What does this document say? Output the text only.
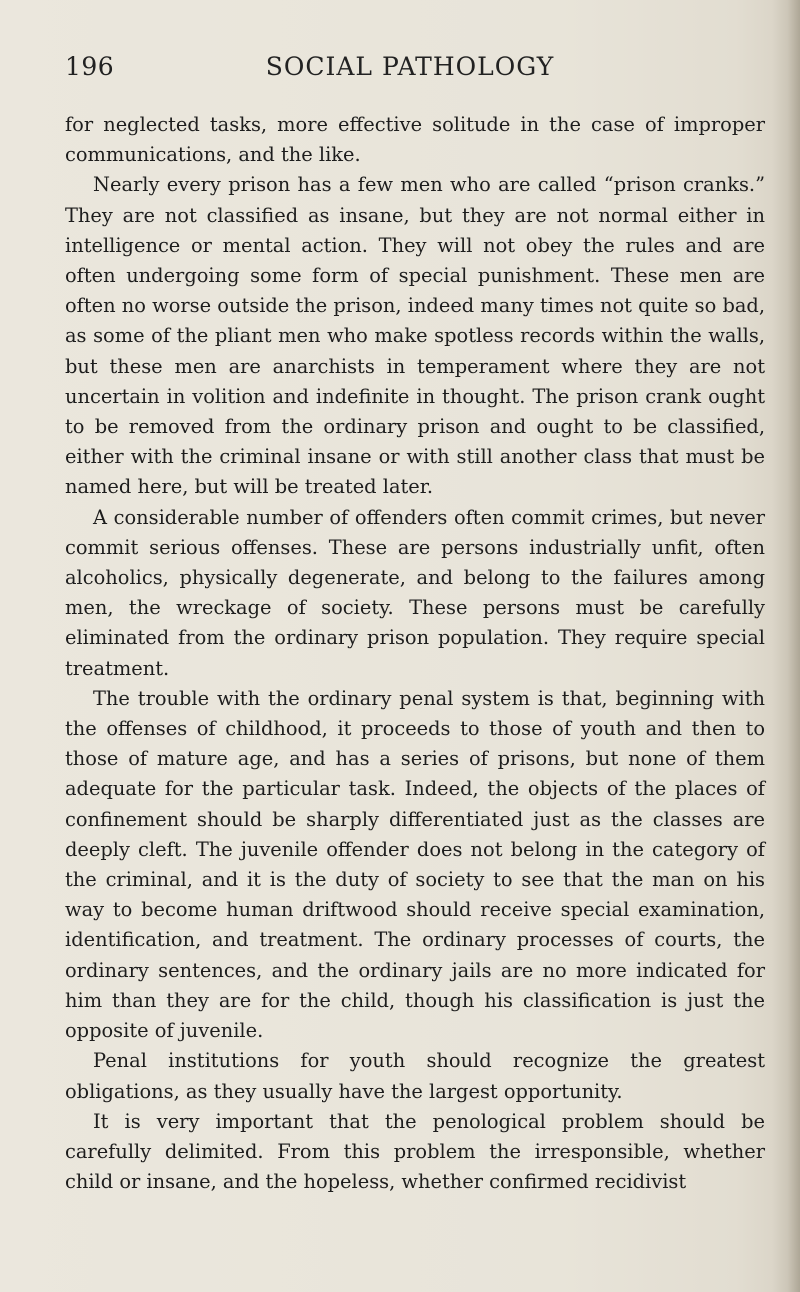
196	SOCIAL PATHOLOGY

for neglected tasks, more effective solitude in the case of improper communications, and the like.

Nearly every prison has a few men who are called “prison cranks.” They are not classified as insane, but they are not normal either in intelligence or mental action. They will not obey the rules and are often undergoing some form of special punishment. These men are often no worse outside the prison, indeed many times not quite so bad, as some of the pliant men who make spotless records within the walls, but these men are anarchists in temperament where they are not uncertain in volition and indefinite in thought. The prison crank ought to be removed from the ordinary prison and ought to be classified, either with the criminal insane or with still another class that must be named here, but will be treated later.

A considerable number of offenders often commit crimes, but never commit serious offenses. These are persons industrially unfit, often alcoholics, physically degenerate, and belong to the failures among men, the wreckage of society. These persons must be carefully eliminated from the ordinary prison population. They require special treatment.

The trouble with the ordinary penal system is that, beginning with the offenses of childhood, it proceeds to those of youth and then to those of mature age, and has a series of prisons, but none of them adequate for the particular task. Indeed, the objects of the places of confinement should be sharply differentiated just as the classes are deeply cleft. The juvenile offender does not belong in the category of the criminal, and it is the duty of society to see that the man on his way to become human driftwood should receive special examination, identification, and treatment. The ordinary processes of courts, the ordinary sentences, and the ordinary jails are no more indicated for him than they are for the child, though his classification is just the opposite of juvenile.

Penal institutions for youth should recognize the greatest obligations, as they usually have the largest opportunity.

It is very important that the penological problem should be carefully delimited. From this problem the irresponsible, whether child or insane, and the hopeless, whether confirmed recidivist
